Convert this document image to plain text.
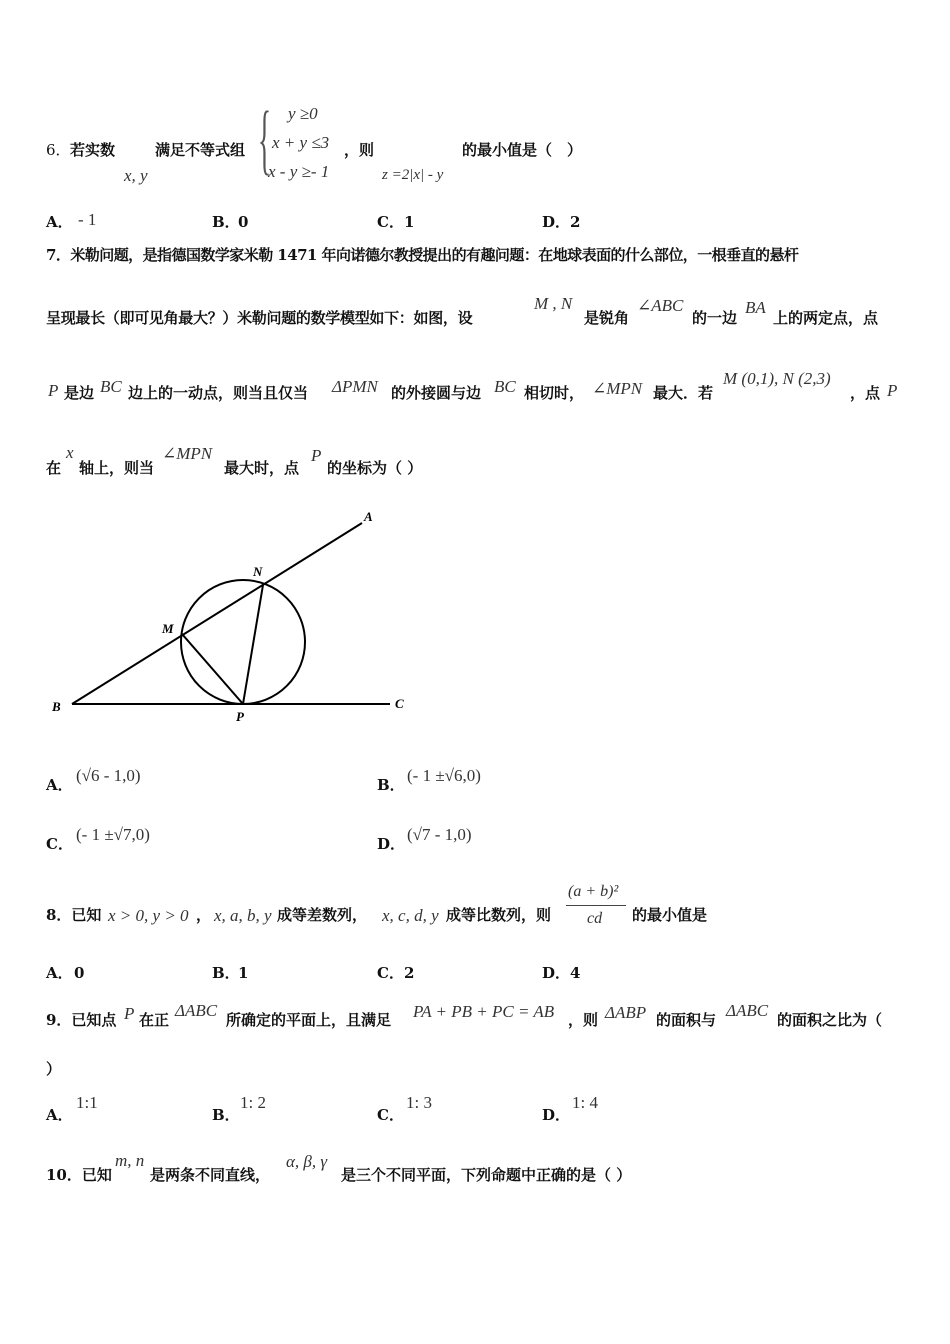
6． 若实数
x, y
满足不等式组 { y ≥0
x + y ≤3
x - y ≥- 1
，则
z =2|x| - y
的最小值是（　）
A． - 1	B．
0	C． 1	D． 2
7．米勒问题，是指德国数学家米勒 1471 年向诺德尔教授提出的有趣问题：在地球表面的什么部位，一根垂直的悬杆
呈现最长（即可见角最大？）米勒问题的数学模型如下：如图，设
M , N
是锐角
∠ABC
的一边
BA
上的两定点，点
P 是边 BC 边上的一动点，则当且仅当 ΔPMN 的外接圆与边 BC 相切时， ∠MPN 最大．若
M (0,1), N (2,3)
，点 P
在
x
轴上，则当
∠MPN
最大时，点
P
的坐标为（ ）
A
N
M
B
P
C
A． (√6 - 1,0)	B． (- 1 ±√6,0)
C． (- 1 ±√7,0)	D． (√7 - 1,0)
8．已知 x > 0, y > 0 ， x, a, b, y 成等差数列， x, c, d, y 成等比数列，则
(a + b)²
cd 的最小值是
A． 0	B．
1	C． 2	D． 4
9．已知点 P 在正 ΔABC 所确定的平面上，且满足 PA + PB + PC = AB ，则 ΔABP 的面积与 ΔABC 的面积之比为（
）
A．
1:1
B．
1: 2
C．
1: 3
D．
1: 4
10．已知
m, n
是两条不同直线，
α, β, γ
是三个不同平面，下列命题中正确的是（ ）
